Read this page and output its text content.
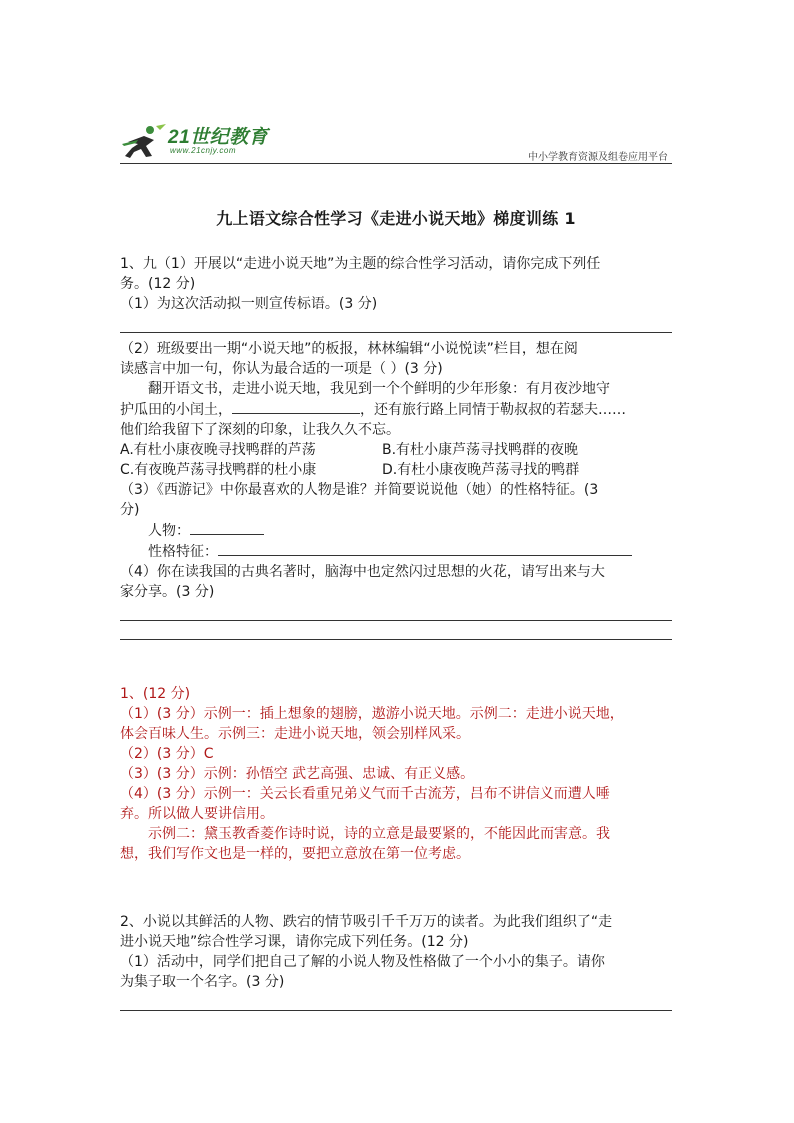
21世纪教育
www.21cnjy.com
中小学教育资源及组卷应用平台
九上语文综合性学习《走进小说天地》梯度训练 1

1、九（1）开展以“走进小说天地”为主题的综合性学习活动，请你完成下列任

务。(12 分)

（1）为这次活动拟一则宣传标语。(3 分)

（2）班级要出一期“小说天地”的板报，林林编辑“小说悦读”栏目，想在阅

读感言中加一句，你认为最合适的一项是（ ）(3 分)

翻开语文书，走进小说天地，我见到一个个鲜明的少年形象：有月夜沙地守

护瓜田的小闰土，	，还有旅行路上同情于勒叔叔的若瑟夫……

他们给我留下了深刻的印象，让我久久不忘。

A.有杜小康夜晚寻找鸭群的芦荡	B.有杜小康芦荡寻找鸭群的夜晚
C.有夜晚芦荡寻找鸭群的杜小康	D.有杜小康夜晚芦荡寻找的鸭群

（3）《西游记》中你最喜欢的人物是谁？并简要说说他（她）的性格特征。(3

分)

人物：

性格特征：

（4）你在读我国的古典名著时，脑海中也定然闪过思想的火花，请写出来与大

家分享。(3 分)

1、(12 分)

（1）(3 分）示例一：插上想象的翅膀，遨游小说天地。示例二：走进小说天地，

体会百味人生。示例三：走进小说天地，领会别样风采。

（2）(3 分）C

（3）(3 分）示例：孙悟空 武艺高强、忠诚、有正义感。

（4）(3 分）示例一：关云长看重兄弟义气而千古流芳，吕布不讲信义而遭人唾

弃。所以做人要讲信用。

示例二：黛玉教香菱作诗时说，诗的立意是最要紧的，不能因此而害意。我

想，我们写作文也是一样的，要把立意放在第一位考虑。

2、小说以其鲜活的人物、跌宕的情节吸引千千万万的读者。为此我们组织了“走

进小说天地”综合性学习课，请你完成下列任务。(12 分)

（1）活动中，同学们把自己了解的小说人物及性格做了一个小小的集子。请你

为集子取一个名字。(3 分)
